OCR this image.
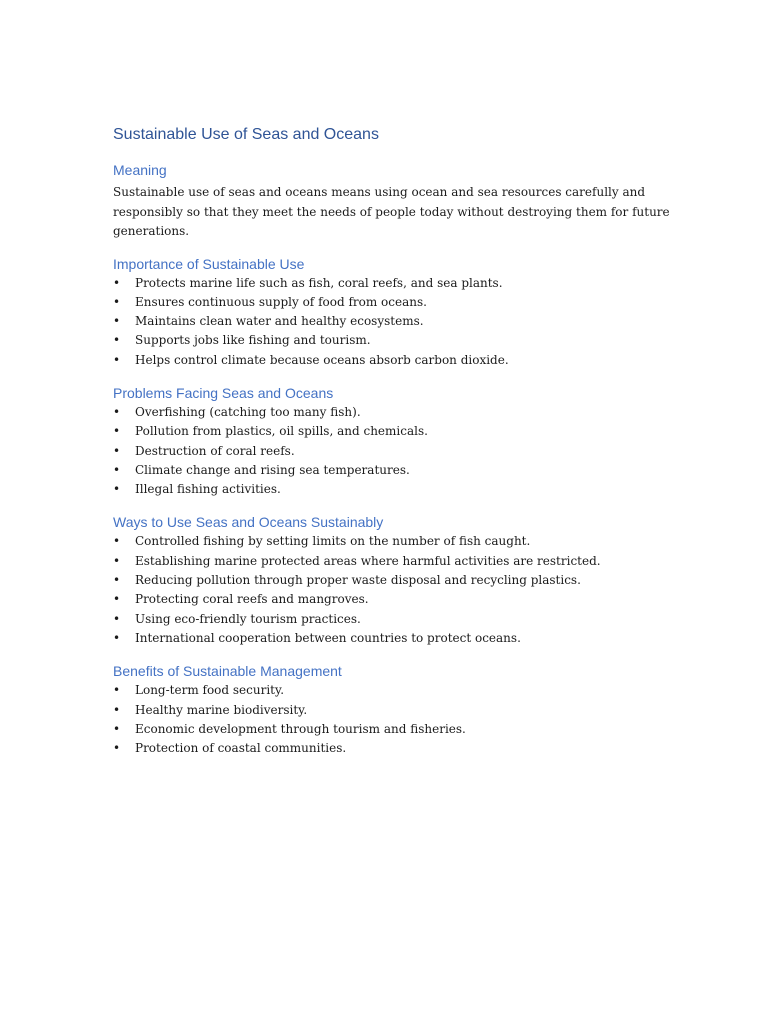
Sustainable Use of Seas and Oceans
Meaning

Sustainable use of seas and oceans means using ocean and sea resources carefully and responsibly so that they meet the needs of people today without destroying them for future generations.

Importance of Sustainable Use
• Protects marine life such as fish, coral reefs, and sea plants.
• Ensures continuous supply of food from oceans.
• Maintains clean water and healthy ecosystems.
• Supports jobs like fishing and tourism.
• Helps control climate because oceans absorb carbon dioxide.
Problems Facing Seas and Oceans
• Overfishing (catching too many fish).
• Pollution from plastics, oil spills, and chemicals.
• Destruction of coral reefs.
• Climate change and rising sea temperatures.
• Illegal fishing activities.
Ways to Use Seas and Oceans Sustainably
• Controlled fishing by setting limits on the number of fish caught.
• Establishing marine protected areas where harmful activities are restricted.
• Reducing pollution through proper waste disposal and recycling plastics.
• Protecting coral reefs and mangroves.
• Using eco-friendly tourism practices.
• International cooperation between countries to protect oceans.
Benefits of Sustainable Management
• Long-term food security.
• Healthy marine biodiversity.
• Economic development through tourism and fisheries.
• Protection of coastal communities.
